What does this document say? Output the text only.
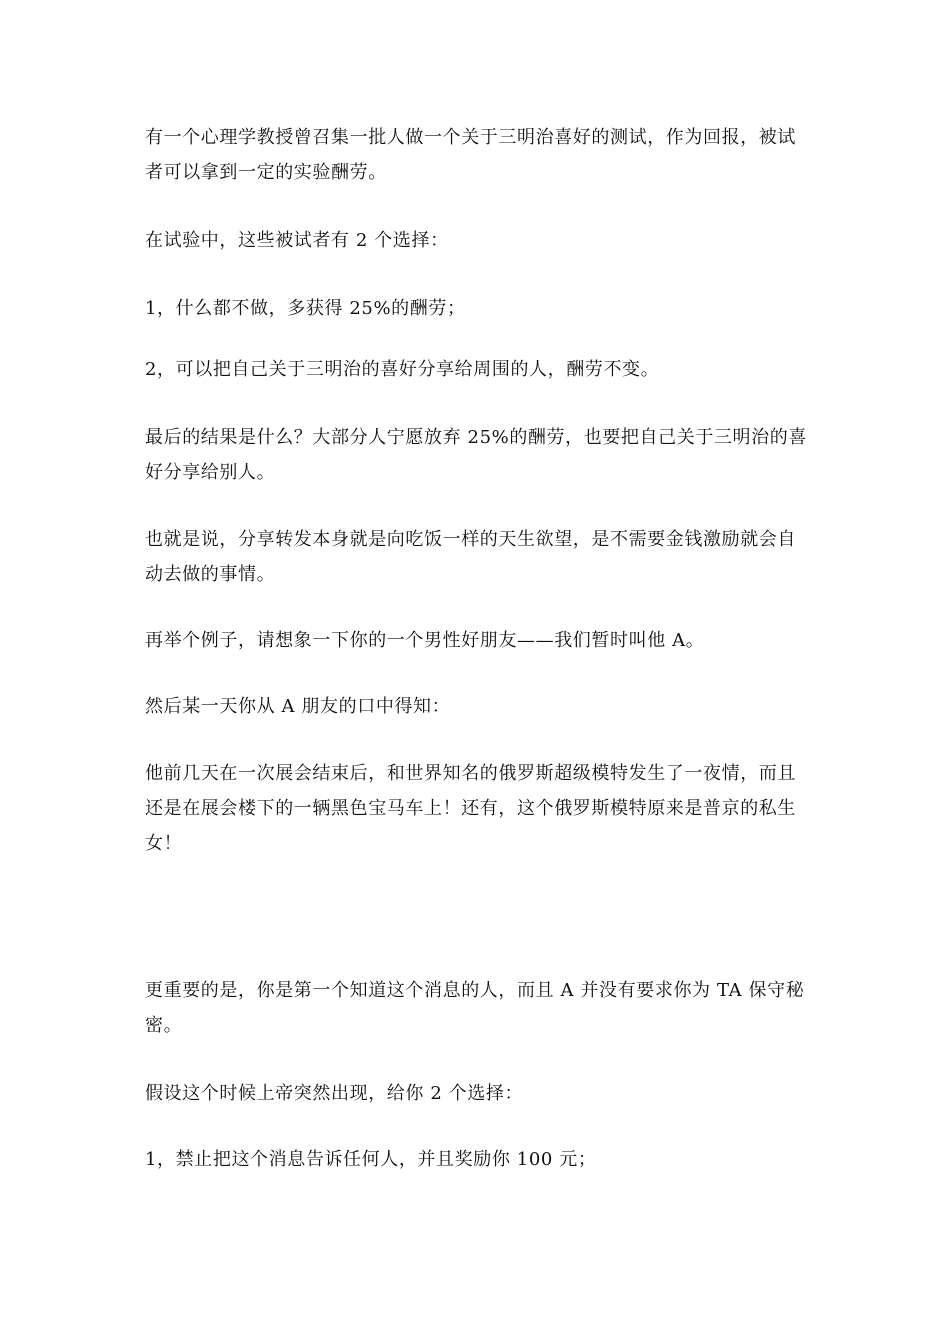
有一个心理学教授曾召集一批人做一个关于三明治喜好的测试，作为回报，被试者可以拿到一定的实验酬劳。

在试验中，这些被试者有 2 个选择：

1，什么都不做，多获得 25%的酬劳；

2，可以把自己关于三明治的喜好分享给周围的人，酬劳不变。

最后的结果是什么？大部分人宁愿放弃 25%的酬劳，也要把自己关于三明治的喜好分享给别人。

也就是说，分享转发本身就是向吃饭一样的天生欲望，是不需要金钱激励就会自动去做的事情。

再举个例子，请想象一下你的一个男性好朋友——我们暂时叫他 A。

然后某一天你从 A 朋友的口中得知：

他前几天在一次展会结束后，和世界知名的俄罗斯超级模特发生了一夜情，而且还是在展会楼下的一辆黑色宝马车上！还有，这个俄罗斯模特原来是普京的私生女！

更重要的是，你是第一个知道这个消息的人，而且 A 并没有要求你为 TA 保守秘密。

假设这个时候上帝突然出现，给你 2 个选择：

1，禁止把这个消息告诉任何人，并且奖励你 100 元；
